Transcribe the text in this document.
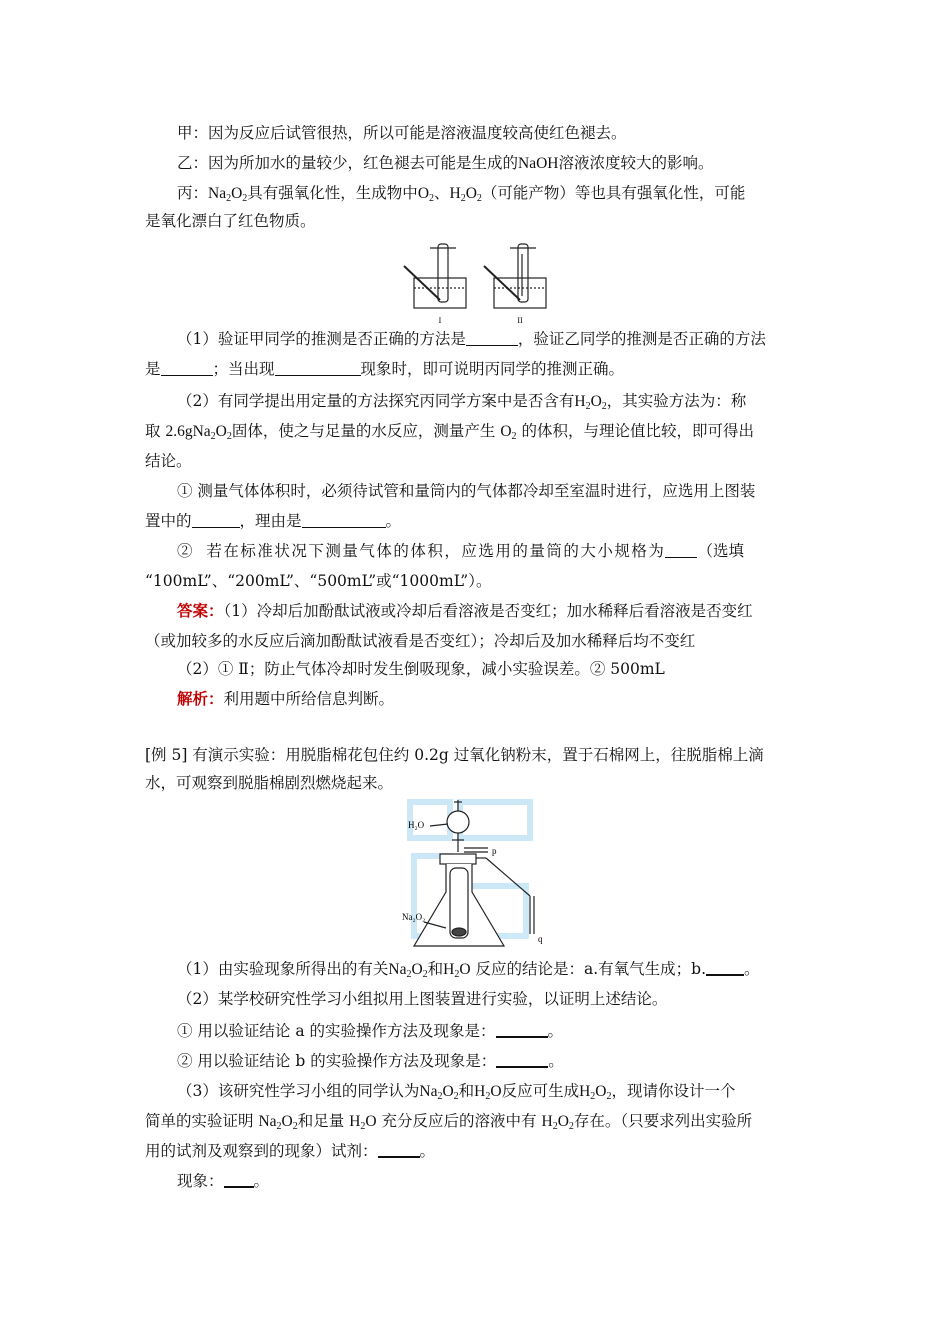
甲：因为反应后试管很热，所以可能是溶液温度较高使红色褪去。
乙：因为所加水的量较少，红色褪去可能是生成的NaOH溶液浓度较大的影响。
丙：$Na_2O_2$具有强氧化性，生成物中$O_2$、$H_2O_2$（可能产物）等也具有强氧化性，可能
是氧化漂白了红色物质。
I	II
（1）验证甲同学的推测是否正确的方法是	，验证乙同学的推测是否正确的方法
是	；当出现	现象时，即可说明丙同学的推测正确。
（2）有同学提出用定量的方法探究丙同学方案中是否含有$H_2O_2$，其实验方法为：称
取 $2.6gNa_2O_2$固体，使之与足量的水反应，测量产生 $O_2$ 的体积，与理论值比较，即可得出
结论。
① 测量气体体积时，必须待试管和量筒内的气体都冷却至室温时进行，应选用上图装
置中的	，理由是	。
② 若在标准状况下测量气体的体积，应选用的量筒的大小规格为 （选填
“100mL”、“200mL”、“500mL”或“1000mL”）。
答案：（1）冷却后加酚酞试液或冷却后看溶液是否变红；加水稀释后看溶液是否变红
（或加较多的水反应后滴加酚酞试液看是否变红）；冷却后及加水稀释后均不变红
（2）① Ⅱ；防止气体冷却时发生倒吸现象，减小实验误差。② 500mL
解析：利用题中所给信息判断。
[例 5] 有演示实验：用脱脂棉花包住约 0.2g 过氧化钠粉末，置于石棉网上，往脱脂棉上滴
水，可观察到脱脂棉剧烈燃烧起来。
H₂O
p
Na₂O₂
q
（1）由实验现象所得出的有关$Na_2O_2$和$H_2O$ 反应的结论是：a.有氧气生成；b. 。
（2）某学校研究性学习小组拟用上图装置进行实验，以证明上述结论。
① 用以验证结论 a 的实验操作方法及现象是：	。
② 用以验证结论 b 的实验操作方法及现象是：	。
（3）该研究性学习小组的同学认为$Na_2O_2$和$H_2O$反应可生成$H_2O_2$，现请你设计一个
简单的实验证明 $Na_2O_2$和足量 $H_2O$ 充分反应后的溶液中有 $H_2O_2$存在。（只要求列出实验所
用的试剂及观察到的现象）试剂：	。
现象： 。
